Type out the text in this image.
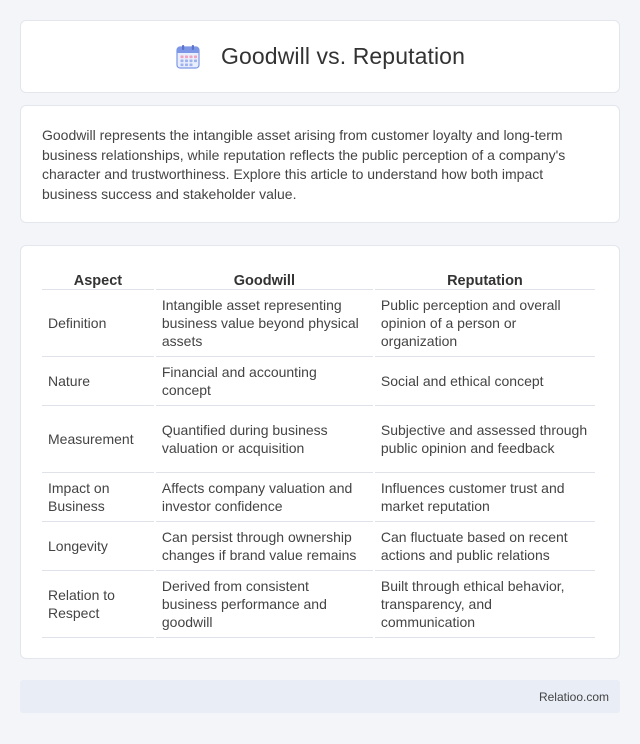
Goodwill vs. Reputation

Goodwill represents the intangible asset arising from customer loyalty and long-term business relationships, while reputation reflects the public perception of a company's character and trustworthiness. Explore this article to understand how both impact business success and stakeholder value.

Aspect	Goodwill	Reputation
Definition	Intangible asset representing business value beyond physical assets	Public perception and overall opinion of a person or organization
Nature	Financial and accounting concept	Social and ethical concept
Measurement	Quantified during business valuation or acquisition	Subjective and assessed through public opinion and feedback
Impact on Business	Affects company valuation and investor confidence	Influences customer trust and market reputation
Longevity	Can persist through ownership changes if brand value remains	Can fluctuate based on recent actions and public relations
Relation to Respect	Derived from consistent business performance and goodwill	Built through ethical behavior, transparency, and communication
Relatioo.com
